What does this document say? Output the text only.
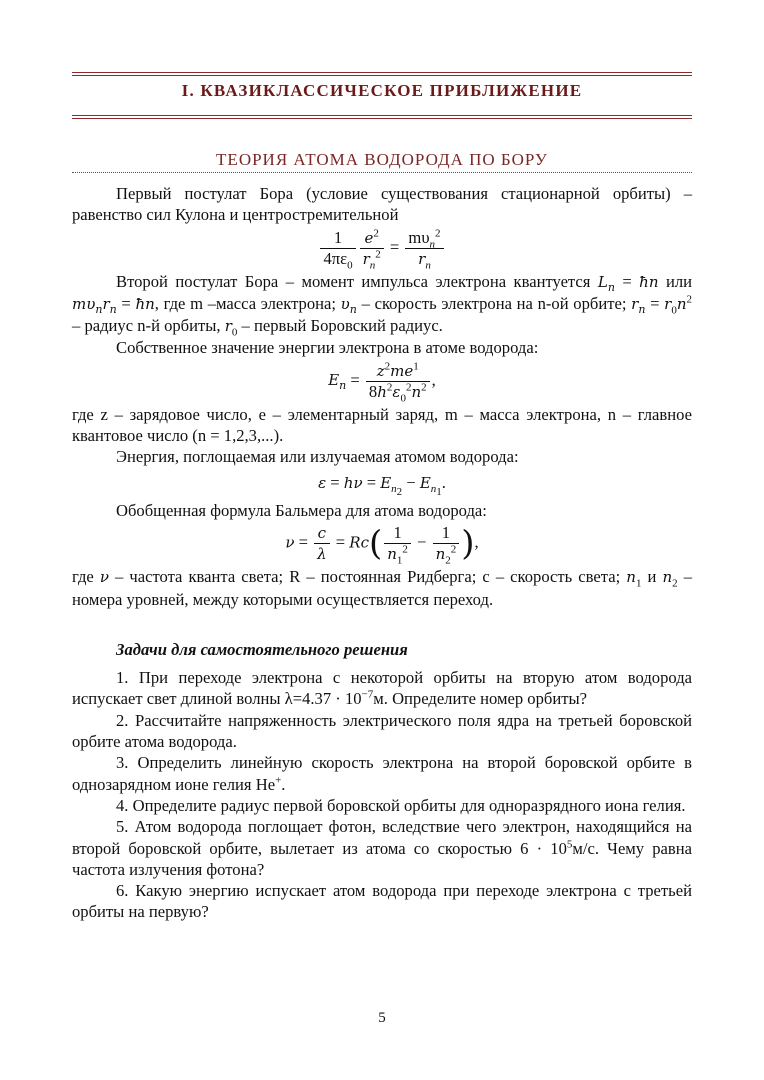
I. КВАЗИКЛАССИЧЕСКОЕ ПРИБЛИЖЕНИЕ
ТЕОРИЯ АТОМА ВОДОРОДА ПО БОРУ

Первый постулат Бора (условие существования стационарной орбиты) – равенство сил Кулона и центростремительной

$\frac{1}{4\pi\varepsilon_0} \frac{e^2}{r_n^2} = \frac{m\upsilon_n^2}{r_n}$

Второй постулат Бора – момент импульса электрона квантуется $L_n$ = ħn или $m\upsilon_nr_n$ = ħn, где m –масса электрона; $\upsilon_n$ – скорость электрона на n-ой орбите; $r_n = r_0n^2$ – радиус n-й орбиты, $r_0$ – первый Боровский радиус.

Собственное значение энергии электрона в атоме водорода:

$E_n = \frac{z^2me^1}{8h^2\varepsilon_0^2n^2}$ ,

где z – зарядовое число, e – элементарный заряд, m – масса электрона, n – главное квантовое число (n = 1,2,3,...).

Энергия, поглощаемая или излучаемая атомом водорода:

$\varepsilon = h\nu = E_{n_2} - E_{n_1}$.

Обобщенная формула Бальмера для атома водорода:

$\nu = \frac{c}{\lambda} = Rc( \frac{1}{n_1^2} - \frac{1}{n_2^2}$ ),

где ν – частота кванта света; R – постоянная Ридберга; c – скорость света; $n_1$ и $n_2$ – номера уровней, между которыми осуществляется переход.

Задачи для самостоятельного решения

1. При переходе электрона с некоторой орбиты на вторую атом водорода испускает свет длиной волны $\lambda=4.37 \cdot 10^{-7}м$. Определите номер орбиты?

2. Рассчитайте напряженность электрического поля ядра на третьей боровской орбите атома водорода.

3. Определить линейную скорость электрона на второй боровской орбите в однозарядном ионе гелия He+.

4. Определите радиус первой боровской орбиты для одноразрядного иона гелия.

5. Атом водорода поглощает фотон, вследствие чего электрон, находящийся на второй боровской орбите, вылетает из атома со скоростью $6 \cdot 10^5м/с$. Чему равна частота излучения фотона?

6. Какую энергию испускает атом водорода при переходе электрона с третьей орбиты на первую?

5
